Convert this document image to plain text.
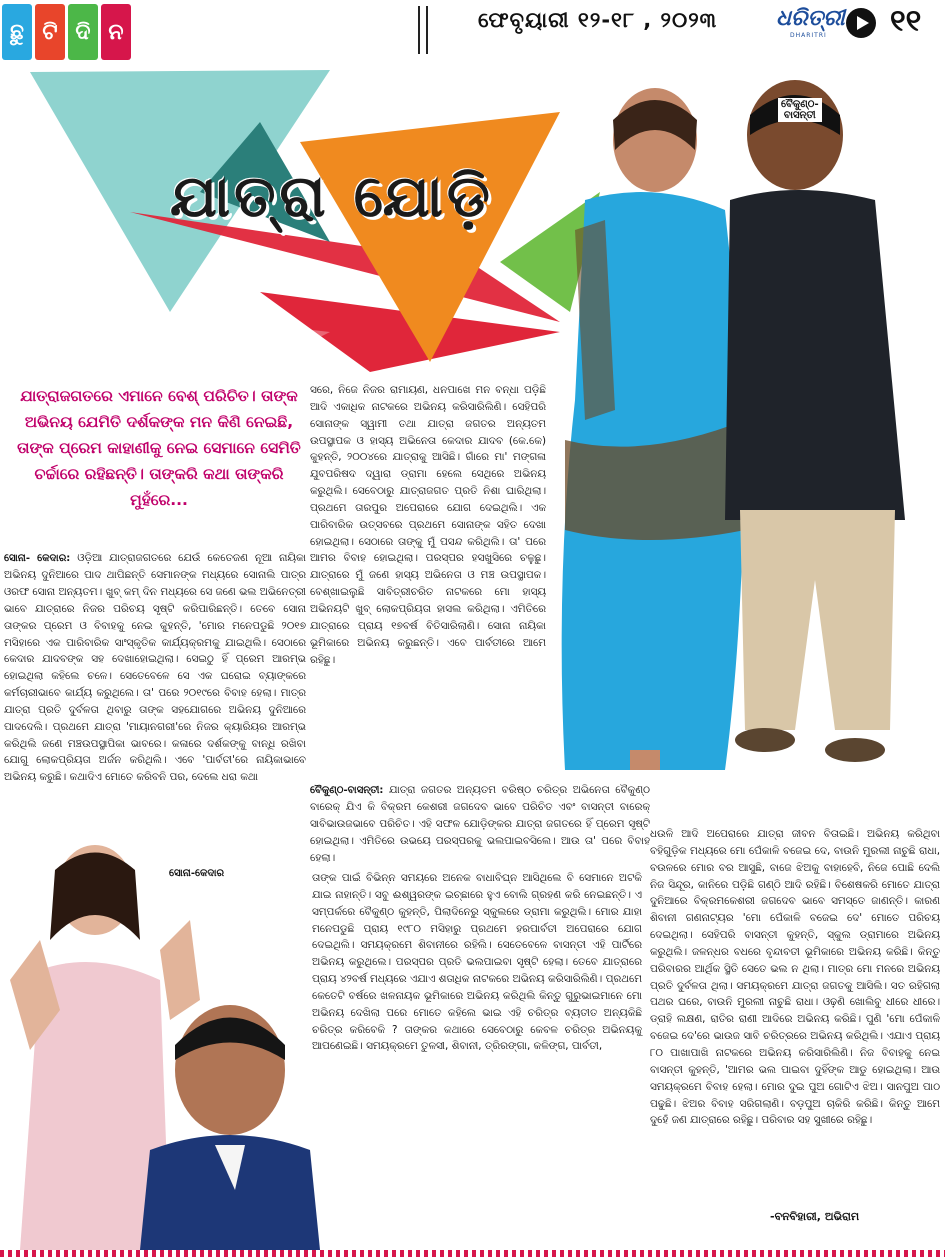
ଛୁ ଟି ଦି ନ	ଫେବୃୟାରୀ ୧୨-୧୮ , ୨୦୨୩	ଧରିତ୍ରୀ
DHARITRI ୧୧
ଯାତ୍ରା ଯୋଡ଼ି
ବୈକୁଣ୍ଠ-
ବାସନ୍ତୀ
ଯାତ୍ରାଜଗତରେ ଏମାନେ ବେଶ୍ ପରିଚିତ। ତାଙ୍କ ଅଭିନୟ ଯେମିତି ଦର୍ଶକଙ୍କ ମନ କିଣି ନେଇଛି, ତାଙ୍କ ପ୍ରେମ କାହାଣୀକୁ ନେଇ ସେମାନେ ସେମିତି ଚର୍ଚ୍ଚାରେ ରହିଛନ୍ତି। ତାଙ୍କରି କଥା ତାଙ୍କରି ମୁହଁରେ...
ସୋନା- କେଦାର: ଓଡ଼ିଆ ଯାତ୍ରାଜଗତରେ ଯେଉଁ କେତେଜଣ ନୂଆ ନାୟିକା ଅଭିନୟ ଦୁନିଆରେ ପାଦ ଥାପିଛନ୍ତି ସେମାନଙ୍କ ମଧ୍ୟରେ ସୋନାଲି ପାତ୍ର ଓରଫ ସୋନା ଅନ୍ୟତମ। ଖୁବ୍ କମ୍ ଦିନ ମଧ୍ୟରେ ସେ ଜଣେ ଭଲ ଅଭିନେତ୍ରୀ ଭାବେ ଯାତ୍ରାରେ ନିଜର ପରିଚୟ ସୃଷ୍ଟି କରିପାରିଛନ୍ତି। ତେବେ ସୋନା ତାଙ୍କର ପ୍ରେମ ଓ ବିବାହକୁ ନେଇ କୁହନ୍ତି, 'ମୋର ମନେପଡୁଛି ୨୦୧୭ ମସିହାରେ ଏକ ପାରିବାରିକ ସାଂସ୍କୃତିକ କାର୍ଯ୍ୟକ୍ରମକୁ ଯାଇଥିଲି। ସେଠାରେ କେଦାର ଯାଦବଙ୍କ ସହ ଦେଖାହୋଇଥିଲା। ସେଇଠୁ ହିଁ ପ୍ରେମ ଆରମ୍ଭ ହୋଇଥିଲା କହିଲେ ଚଳେ। ସେତେବେଳେ ସେ ଏକ ଘରୋଇ ବ୍ୟାଙ୍କରେ କର୍ମଚାରୀଭାବେ କାର୍ଯ୍ୟ କରୁଥିଲେ। ତା' ପରେ ୨୦୧୯ରେ ବିବାହ ହେଲା। ମାତ୍ର ଯାତ୍ରା ପ୍ରତି ଦୁର୍ବଳତା ଥିବାରୁ ତାଙ୍କ ସହଯୋଗରେ ଅଭିନୟ ଦୁନିଆରେ ପାଦଦେଲି। ପ୍ରଥମେ ଯାତ୍ରା 'ମାୟାନଗରୀ'ରେ ନିଜର କ୍ୟାରିୟର ଆରମ୍ଭ କରିଥିଲି ଜଣେ ମଞ୍ଚଉପସ୍ଥାପିକା ଭାବରେ। କଳାରେ ଦର୍ଶକଙ୍କୁ ବାନ୍ଧି ରଖିବା ଯୋଗୁ ଲୋକପ୍ରିୟତା ଅର୍ଜନ କରିଥିଲି। ଏବେ 'ପାର୍ବତୀ'ରେ ନାୟିକାଭାବେ ଅଭିନୟ କରୁଛି। କଥାଦିଏ ମୋତେ କରିବନି ପର, ଦେଲେ ଧରା କଥା
ସରେ, ନିଜେ ନିଜର ରାମାୟଣ, ଧନପାଖେ ମନ ବନ୍ଧା ପଡ଼ିଛି ଆଦି ଏକାଧିକ ନାଟକରେ ଅଭିନୟ କରିସାରିଲିଣି। ସେହିପରି ସୋନାଙ୍କ ସ୍ୱାମୀ ତଥା ଯାତ୍ରା ଜଗତର ଅନ୍ୟତମ ଉପସ୍ଥାପକ ଓ ହାସ୍ୟ ଅଭିନେତା କେଦାର ଯାଦବ (କେ.କେ) କୁହନ୍ତି, ୨୦୦୪ରେ ଯାତ୍ରାକୁ ଆସିଛି। ଗାଁରେ ମା' ମଙ୍ଗଳା ଯୁବପରିଷଦ ଦ୍ୱାରା ଡ୍ରାମା ହେଲେ ସେଥିରେ ଅଭିନୟ କରୁଥିଲି। ସେବେଠାରୁ ଯାତ୍ରାଜଗତ ପ୍ରତି ନିଶା ଘାରିଥିଲା। ପ୍ରଥମେ ତାରପୁର ଅପେରାରେ ଯୋଗ ଦେଇଥିଲି। ଏକ ପାରିବାରିକ ଉତ୍ସବରେ ପ୍ରଥମେ ସୋନାଙ୍କ ସହିତ ଦେଖା ହୋଇଥିଲା। ସେଠାରେ ତାଙ୍କୁ ମୁଁ ପସନ୍ଦ କରିଥିଲି। ତା' ପରେ ଆମର ବିବାହ ହୋଇଥିଲା। ପରସ୍ପର ହସଖୁସିରେ ଚଳୁଛୁ। ଯାତ୍ରାରେ ମୁଁ ଜଣେ ହାସ୍ୟ ଅଭିନେତା ଓ ମଞ୍ଚ ଉପସ୍ଥାପକ। ବେଶ୍‌ଖାଇଲୁଛି ସାବିତ୍ରୀଚରିତ ନାଟକରେ ମୋ ହାସ୍ୟ ଅଭିନୟଟି ଖୁବ୍ ଲୋକପ୍ରିୟତା ହାସଲ କରିଥିଲା। ଏମିତିରେ ଯାତ୍ରାରେ ପ୍ରାୟ ୧୭ବର୍ଷ ବିତିସାରିଲାଣି। ସୋନା ନାୟିକା ଭୂମିକାରେ ଅଭିନୟ କରୁଛନ୍ତି। ଏବେ ପାର୍ବତୀରେ ଆମେ ରହିଛୁ।
ବୈକୁଣ୍ଠ-ବାସନ୍ତୀ: ଯାତ୍ରା ଜଗତର ଅନ୍ୟତମ ବରିଷ୍ଠ ଚରିତ୍ର ଅଭିନେତା ବୈକୁଣ୍ଠ ବାରେକ୍ ଯିଏ କି ବିକ୍ରମ କେଶରୀ ଜଗଦେବ ଭାବେ ପରିଚିତ ଏବଂ ବାସନ୍ତୀ ବାରେକ୍ ସାବିଭାଉଜଭାବେ ପରିଚିତ। ଏହି ସଫଳ ଯୋଡ଼ିଙ୍କର ଯାତ୍ରା ଜଗତରେ ହିଁ ପ୍ରେମ ସୃଷ୍ଟି ହୋଇଥିଲା। ଏମିତିରେ ଉଭୟେ ପରସ୍ପରକୁ ଭଲପାଇବସିଲେ। ଆଉ ତା' ପରେ ବିବାହ ହେଲା।
ତାଙ୍କ ପାଇଁ ବିଭିନ୍ନ ସମୟରେ ଅନେକ ବାଧାବିଘ୍ନ ଆସିଥିଲେ ବି ସେମାନେ ଅଟକି ଯାଇ ନାହାନ୍ତି। ସବୁ ଈଶ୍ୱରଙ୍କ ଇଚ୍ଛାରେ ହୁଏ ବୋଲି ଗ୍ରହଣ କରି ନେଇଛନ୍ତି। ଏ ସମ୍ପର୍କରେ ବୈକୁଣ୍ଠ କୁହନ୍ତି, ପିଲାଦିନେରୁ ସ୍କୁଲରେ ଡ୍ରାମା କରୁଥିଲି। ମୋର ଯାହା ମନେପଡୁଛି ପ୍ରାୟ ୧୯୮୦ ମସିହାରୁ ପ୍ରଥମେ ହରପାର୍ବତୀ ଅପେରାରେ ଯୋଗ ଦେଇଥିଲି। ସମୟକ୍ରମେ ଶିବାନୀରେ ରହିଲି। ସେତେବେଳେ ବାସନ୍ତୀ ଏହି ପାର୍ଟିରେ ଅଭିନୟ କରୁଥିଲେ। ପରସ୍ପର ପ୍ରତି ଭଲପାଇବା ସୃଷ୍ଟି ହେଲା। ତେବେ ଯାତ୍ରାରେ ପ୍ରାୟ ୪୨ବର୍ଷ ମଧ୍ୟରେ ଏଯାଏ ଶତାଧିକ ନାଟକରେ ଅଭିନୟ କରିସାରିଲିଣି। ପ୍ରଥମେ କେତେଟି ବର୍ଷରେ ଖଳନାୟକ ଭୂମିକାରେ ଅଭିନୟ କରିଥିଲି କିନ୍ତୁ ଗୁରୁଭାଇମାନେ ମୋ ଅଭିନୟ ଦେଖିଲା ପରେ ମୋତେ କହିଲେ ଭାଇ ଏହି ଚରିତ୍ର ବ୍ୟତୀତ ଅନ୍ୟକିଛି ଚରିତ୍ର କରିବେକି ? ତାଙ୍କର କଥାରେ ସେବେଠାରୁ କେବଳ ଚରିତ୍ର ଅଭିନୟକୁ ଆପଣେଇଛି। ସମୟକ୍ରମେ ତୁଳସୀ, ଶିବାନୀ, ତ୍ରିରଙ୍ଗା, କଳିଙ୍ଗ, ପାର୍ବତୀ,
ଧଉଳି ଆଦି ଅପେରାରେ ଯାତ୍ରା ଜୀବନ ବିତାଇଛି। ଅଭିନୟ କରିଥିବା ବହିଗୁଡ଼ିକ ମଧ୍ୟରେ ମୋ ପେଁକାଳି ବଜେଇ ଦେ, ବାଉନି ମୁରଲୀ ନାଚୁଛି ରାଧା, ବଉଳରେ ମୋର ବର ଆସୁଛି, ବାଜେ ଝିଅକୁ ବାହାହେବି, ନିଜେ ପୋଛି ଦେଲି ନିଜ ସିନ୍ଦୂର, କାନିରେ ପଡ଼ିଛି ଗଣ୍ଠି ଆଦି ରହିଛି। ବିଶେଷକରି ମୋତେ ଯାତ୍ରା ଦୁନିଆରେ ବିକ୍ରମକେଶରୀ ଜଗଦେବ ଭାବେ ସମସ୍ତେ ଜାଣନ୍ତି। କାରଣ ଶିବାନୀ ଗଣନାଟ୍ୟର 'ମୋ ପେଁକାଳି ବଜେଇ ଦେ' ମୋତେ ପରିଚୟ ଦେଇଥିଲା। ସେହିପରି ବାସନ୍ତୀ କୁହନ୍ତି, ସ୍କୁଲ ଡ୍ରାମାରେ ଅଭିନୟ କରୁଥିଲି। ଜଳନ୍ଧର ବଧରେ ବୃନ୍ଦାବତୀ ଭୂମିକାରେ ଅଭିନୟ କରିଛି। କିନ୍ତୁ ପରିବାରର ଆର୍ଥିକ ସ୍ଥିତି ସେତେ ଭଲ ନ ଥିଲା। ମାତ୍ର ମୋ ମନରେ ଅଭିନୟ ପ୍ରତି ଦୁର୍ବଳତା ଥିଲା। ସମୟକ୍ରମେ ଯାତ୍ରା ଜଗତକୁ ଆସିଲି। ସତ ରହିଗଲା ପଥର ଘରେ, ବାଉନି ମୁରଲୀ ନାଚୁଛି ରାଧା। ଓଢ଼ଣି ଖୋଲିବୁ ଧୀରେ ଧୀରେ। ଡ୍ରାହି ଲକ୍ଷଣ, ରାତିର ରାଣୀ ଆଦିରେ ଅଭିନୟ କରିଛି। ପୁଣି 'ମୋ ପେଁକାଳି ବଜେଇ ଦେ'ରେ ଭାଉଜ ସାବି ଚରିତ୍ରରେ ଅଭିନୟ କରିଥିଲି। ଏଯାଏ ପ୍ରାୟ ୮୦ ପାଖାପାଖି ନାଟକରେ ଅଭିନୟ କରିସାରିଲିଣି। ନିଜ ବିବାହକୁ ନେଇ ବାସନ୍ତୀ କୁହନ୍ତି, 'ଆମର ଭଲ ପାଇବା ଦୁହିଁଙ୍କ ଆଡୁ ହୋଇଥିଲା। ଆଉ ସମୟକ୍ରମେ ବିବାହ ହେଲା। ମୋର ଦୁଇ ପୁଅ ଗୋଟିଏ ଝିଅ। ସାନପୁଅ ପାଠ ପଢୁଛି। ଝିଅର ବିବାହ ସରିଗଲାଣି। ବଡ଼ପୁଅ ଚାକିରି କରିଛି। କିନ୍ତୁ ଆମେ ଦୁହେଁ ଜଣ ଯାତ୍ରାରେ ରହିଛୁ। ପରିବାର ସହ ସୁଖୀରେ ରହିଛୁ।
ସୋନା-କେଦାର
-ବନବିହାରୀ, ଅଭିରାମ
